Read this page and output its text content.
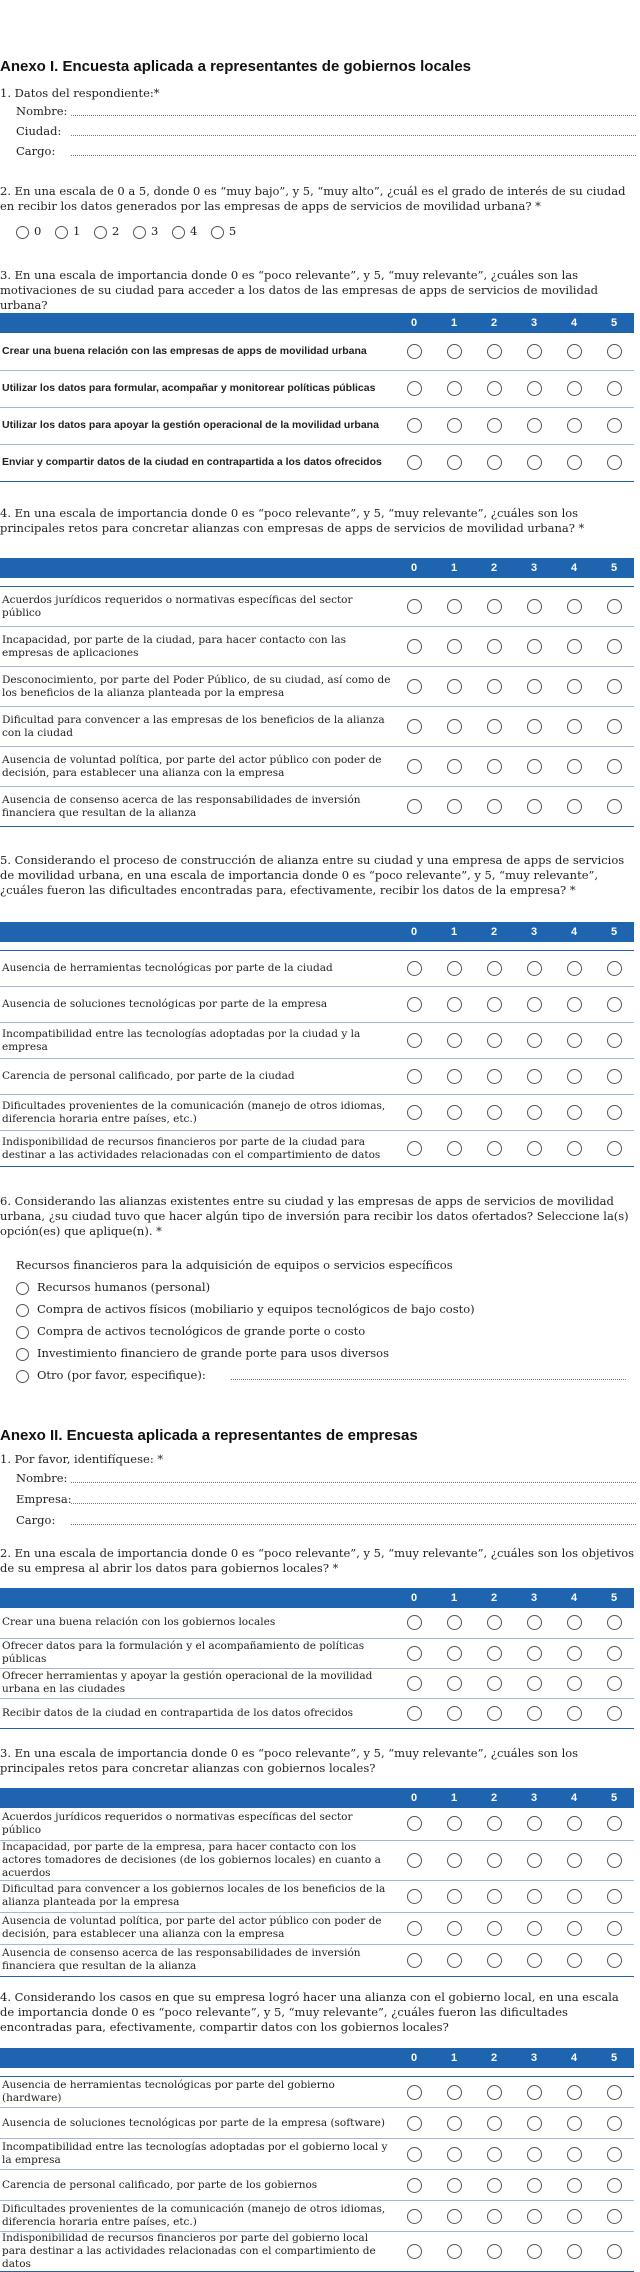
Anexo I. Encuesta aplicada a representantes de gobiernos locales
1. Datos del respondiente:*
Nombre:
Ciudad:
Cargo:
2. En una escala de 0 a 5, donde 0 es “muy bajo”, y 5, “muy alto”, ¿cuál es el grado de interés de su ciudad en recibir los datos generados por las empresas de apps de servicios de movilidad urbana? *
0	1	2	3	4	5
3. En una escala de importancia donde 0 es “poco relevante”, y 5, “muy relevante”, ¿cuáles son las motivaciones de su ciudad para acceder a los datos de las empresas de apps de servicios de movilidad urbana?
	0	1	2	3	4	5
Crear una buena relación con las empresas de apps de movilidad urbana						
Utilizar los datos para formular, acompañar y monitorear políticas públicas						
Utilizar los datos para apoyar la gestión operacional de la movilidad urbana						
Enviar y compartir datos de la ciudad en contrapartida a los datos ofrecidos						
4. En una escala de importancia donde 0 es “poco relevante”, y 5, “muy relevante”, ¿cuáles son los principales retos para concretar alianzas con empresas de apps de servicios de movilidad urbana? *
	0	1	2	3	4	5

Acuerdos jurídicos requeridos o normativas específicas del sector público						
Incapacidad, por parte de la ciudad, para hacer contacto con las empresas de aplicaciones						
Desconocimiento, por parte del Poder Público, de su ciudad, así como de los beneficios de la alianza planteada por la empresa						
Dificultad para convencer a las empresas de los beneficios de la alianza con la ciudad						
Ausencia de voluntad política, por parte del actor público con poder de decisión, para establecer una alianza con la empresa						
Ausencia de consenso acerca de las responsabilidades de inversión financiera que resultan de la alianza						
5. Considerando el proceso de construcción de alianza entre su ciudad y una empresa de apps de servicios de movilidad urbana, en una escala de importancia donde 0 es “poco relevante”, y 5, “muy relevante”, ¿cuáles fueron las dificultades encontradas para, efectivamente, recibir los datos de la empresa? *
	0	1	2	3	4	5

Ausencia de herramientas tecnológicas por parte de la ciudad						
Ausencia de soluciones tecnológicas por parte de la empresa						
Incompatibilidad entre las tecnologías adoptadas por la ciudad y la empresa						
Carencia de personal calificado, por parte de la ciudad						
Dificultades provenientes de la comunicación (manejo de otros idiomas, diferencia horaria entre países, etc.)						
Indisponibilidad de recursos financieros por parte de la ciudad para destinar a las actividades relacionadas con el compartimiento de datos						
6. Considerando las alianzas existentes entre su ciudad y las empresas de apps de servicios de movilidad urbana, ¿su ciudad tuvo que hacer algún tipo de inversión para recibir los datos ofertados? Seleccione la(s) opción(es) que aplique(n). *
Recursos financieros para la adquisición de equipos o servicios específicos
Recursos humanos (personal)
Compra de activos físicos (mobiliario y equipos tecnológicos de bajo costo)
Compra de activos tecnológicos de grande porte o costo
Investimiento financiero de grande porte para usos diversos
Otro (por favor, especifique):
Anexo II. Encuesta aplicada a representantes de empresas
1. Por favor, identifíquese: *
Nombre:
Empresa:
Cargo:
2. En una escala de importancia donde 0 es “poco relevante”, y 5, “muy relevante”, ¿cuáles son los objetivos de su empresa al abrir los datos para gobiernos locales? *
	0	1	2	3	4	5
Crear una buena relación con los gobiernos locales						
Ofrecer datos para la formulación y el acompañamiento de políticas públicas						
Ofrecer herramientas y apoyar la gestión operacional de la movilidad urbana en las ciudades						
Recibir datos de la ciudad en contrapartida de los datos ofrecidos						
3. En una escala de importancia donde 0 es “poco relevante”, y 5, “muy relevante”, ¿cuáles son los principales retos para concretar alianzas con gobiernos locales?
	0	1	2	3	4	5
Acuerdos jurídicos requeridos o normativas específicas del sector público						
Incapacidad, por parte de la empresa, para hacer contacto con los actores tomadores de decisiones (de los gobiernos locales) en cuanto a acuerdos						
Dificultad para convencer a los gobiernos locales de los beneficios de la alianza planteada por la empresa						
Ausencia de voluntad política, por parte del actor público con poder de decisión, para establecer una alianza con la empresa						
Ausencia de consenso acerca de las responsabilidades de inversión financiera que resultan de la alianza						
4. Considerando los casos en que su empresa logró hacer una alianza con el gobierno local, en una escala de importancia donde 0 es “poco relevante”, y 5, “muy relevante”, ¿cuáles fueron las dificultades encontradas para, efectivamente, compartir datos con los gobiernos locales?
	0	1	2	3	4	5

Ausencia de herramientas tecnológicas por parte del gobierno (hardware)						
Ausencia de soluciones tecnológicas por parte de la empresa (software)						
Incompatibilidad entre las tecnologías adoptadas por el gobierno local y la empresa						
Carencia de personal calificado, por parte de los gobiernos						
Dificultades provenientes de la comunicación (manejo de otros idiomas, diferencia horaria entre países, etc.)						
Indisponibilidad de recursos financieros por parte del gobierno local para destinar a las actividades relacionadas con el compartimiento de datos						
